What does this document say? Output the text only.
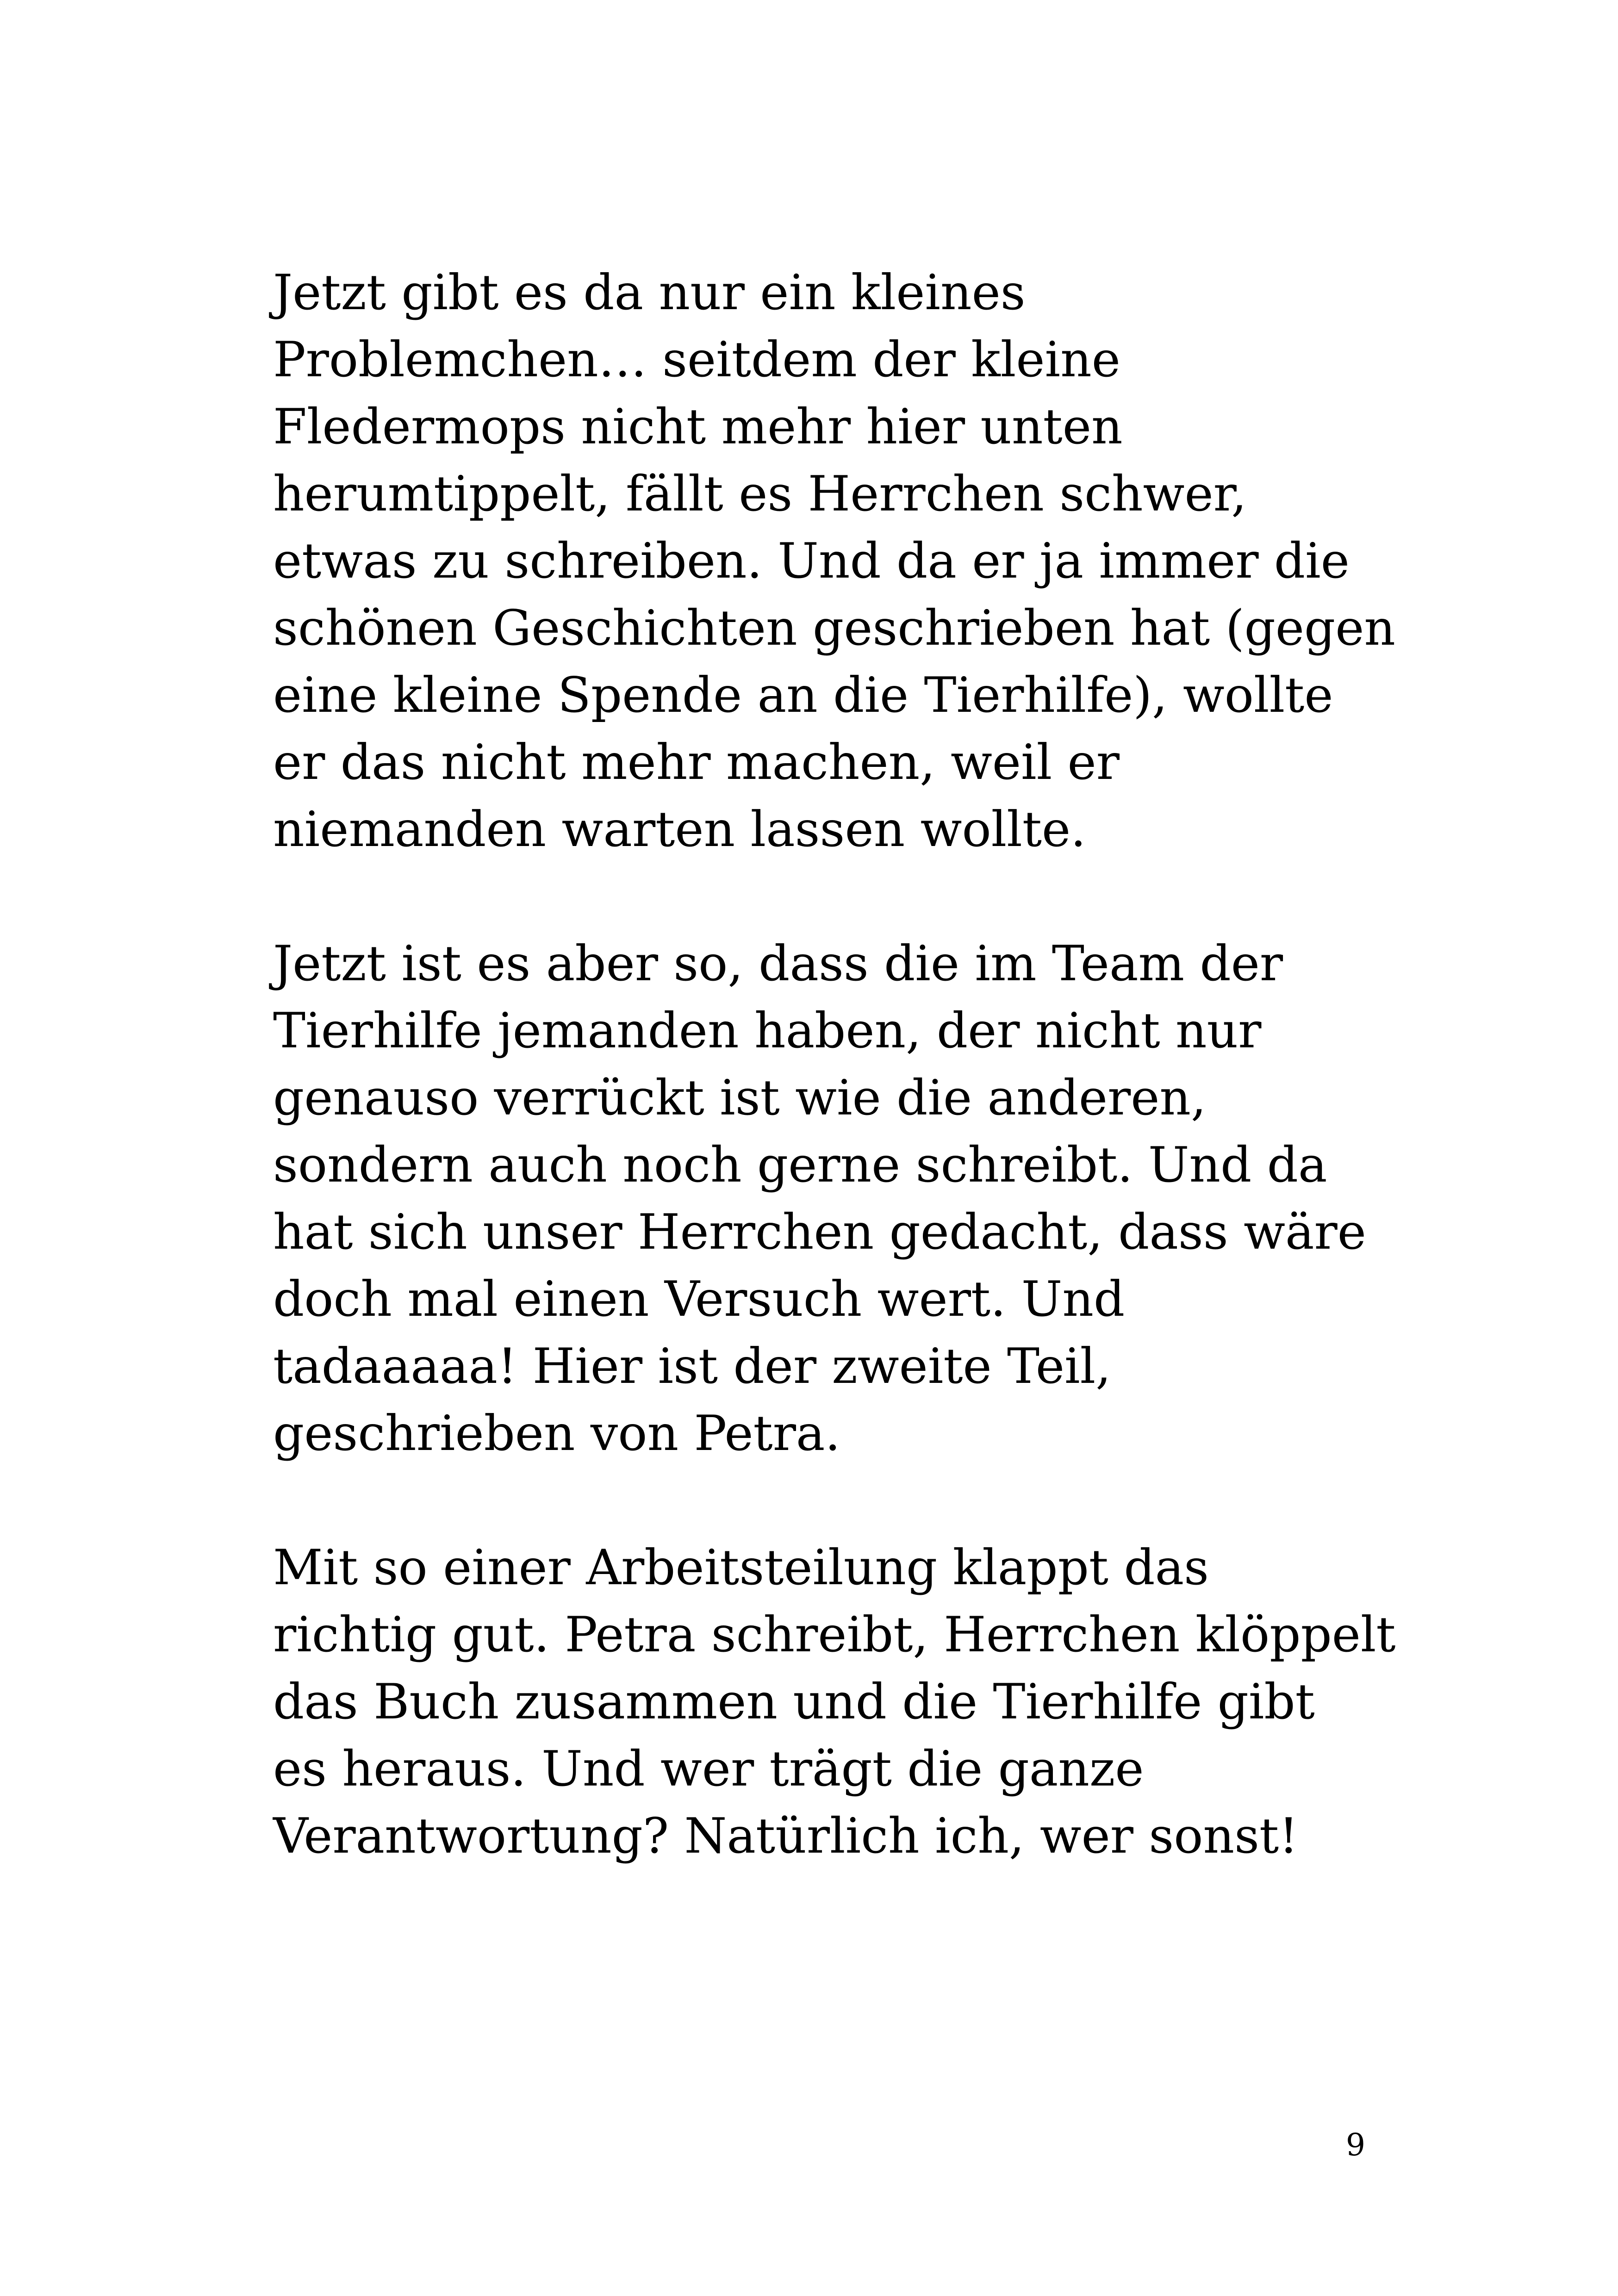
Jetzt gibt es da nur ein kleines
Problemchen… seitdem der kleine
Fledermops nicht mehr hier unten
herumtippelt, fällt es Herrchen schwer,
etwas zu schreiben. Und da er ja immer die
schönen Geschichten geschrieben hat (gegen
eine kleine Spende an die Tierhilfe), wollte
er das nicht mehr machen, weil er
niemanden warten lassen wollte.

Jetzt ist es aber so, dass die im Team der
Tierhilfe jemanden haben, der nicht nur
genauso verrückt ist wie die anderen,
sondern auch noch gerne schreibt. Und da
hat sich unser Herrchen gedacht, dass wäre
doch mal einen Versuch wert. Und
tadaaaaa! Hier ist der zweite Teil,
geschrieben von Petra.

Mit so einer Arbeitsteilung klappt das
richtig gut. Petra schreibt, Herrchen klöppelt
das Buch zusammen und die Tierhilfe gibt
es heraus. Und wer trägt die ganze
Verantwortung? Natürlich ich, wer sonst!

9
